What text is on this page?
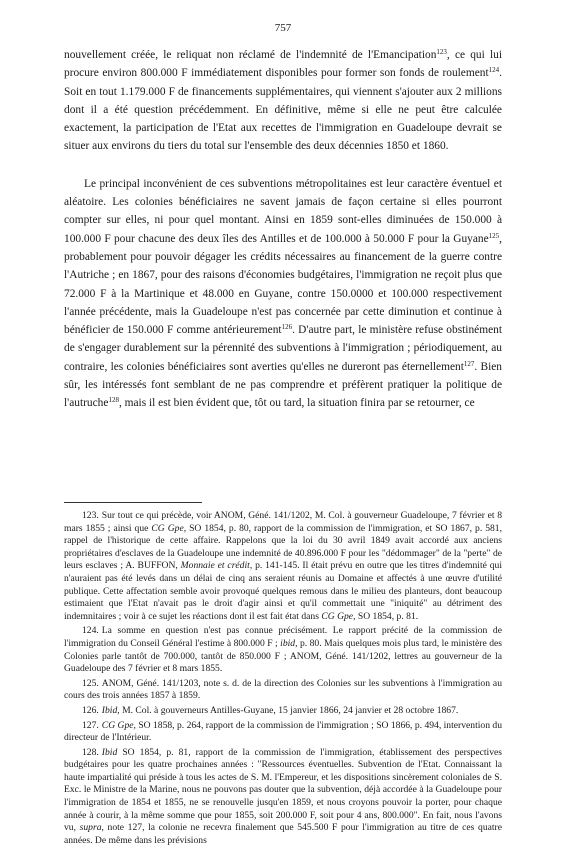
757

nouvellement créée, le reliquat non réclamé de l'indemnité de l'Emancipation$^{123}$, ce qui lui procure environ 800.000 F immédiatement disponibles pour former son fonds de roulement$^{124}$. Soit en tout 1.179.000 F de financements supplémentaires, qui viennent s'ajouter aux 2 millions dont il a été question précédemment. En définitive, même si elle ne peut être calculée exactement, la participation de l'Etat aux recettes de l'immigration en Guadeloupe devrait se situer aux environs du tiers du total sur l'ensemble des deux décennies 1850 et 1860.

Le principal inconvénient de ces subventions métropolitaines est leur caractère éventuel et aléatoire. Les colonies bénéficiaires ne savent jamais de façon certaine si elles pourront compter sur elles, ni pour quel montant. Ainsi en 1859 sont-elles diminuées de 150.000 à 100.000 F pour chacune des deux îles des Antilles et de 100.000 à 50.000 F pour la Guyane$^{125}$, probablement pour pouvoir dégager les crédits nécessaires au financement de la guerre contre l'Autriche ; en 1867, pour des raisons d'économies budgétaires, l'immigration ne reçoit plus que 72.000 F à la Martinique et 48.000 en Guyane, contre 150.0000 et 100.000 respectivement l'année précédente, mais la Guadeloupe n'est pas concernée par cette diminution et continue à bénéficier de 150.000 F comme antérieurement$^{126}$. D'autre part, le ministère refuse obstinément de s'engager durablement sur la pérennité des subventions à l'immigration ; périodiquement, au contraire, les colonies bénéficiaires sont averties qu'elles ne dureront pas éternellement$^{127}$. Bien sûr, les intéressés font semblant de ne pas comprendre et préfèrent pratiquer la politique de l'autruche$^{128}$, mais il est bien évident que, tôt ou tard, la situation finira par se retourner, ce

123. Sur tout ce qui précède, voir ANOM, Géné. 141/1202, M. Col. à gouverneur Guadeloupe, 7 février et 8 mars 1855 ; ainsi que CG Gpe, SO 1854, p. 80, rapport de la commission de l'immigration, et SO 1867, p. 581, rappel de l'historique de cette affaire. Rappelons que la loi du 30 avril 1849 avait accordé aux anciens propriétaires d'esclaves de la Guadeloupe une indemnité de 40.896.000 F pour les "dédommager" de la "perte" de leurs esclaves ; A. BUFFON, Monnaie et crédit, p. 141-145. Il était prévu en outre que les titres d'indemnité qui n'auraient pas été levés dans un délai de cinq ans seraient réunis au Domaine et affectés à une œuvre d'utilité publique. Cette affectation semble avoir provoqué quelques remous dans le milieu des planteurs, dont beaucoup estimaient que l'Etat n'avait pas le droit d'agir ainsi et qu'il commettait une "iniquité" au détriment des indemnitaires ; voir à ce sujet les réactions dont il est fait état dans CG Gpe, SO 1854, p. 81.

124. La somme en question n'est pas connue précisément. Le rapport précité de la commission de l'immigration du Conseil Général l'estime à 800.000 F ; ibid, p. 80. Mais quelques mois plus tard, le ministère des Colonies parle tantôt de 700.000, tantôt de 850.000 F ; ANOM, Géné. 141/1202, lettres au gouverneur de la Guadeloupe des 7 février et 8 mars 1855.

125. ANOM, Géné. 141/1203, note s. d. de la direction des Colonies sur les subventions à l'immigration au cours des trois années 1857 à 1859.

126. Ibid, M. Col. à gouverneurs Antilles-Guyane, 15 janvier 1866, 24 janvier et 28 octobre 1867.

127. CG Gpe, SO 1858, p. 264, rapport de la commission de l'immigration ; SO 1866, p. 494, intervention du directeur de l'Intérieur.

128. Ibid SO 1854, p. 81, rapport de la commission de l'immigration, établissement des perspectives budgétaires pour les quatre prochaines années : "Ressources éventuelles. Subvention de l'Etat. Connaissant la haute impartialité qui préside à tous les actes de S. M. l'Empereur, et les dispositions sincèrement coloniales de S. Exc. le Ministre de la Marine, nous ne pouvons pas douter que la subvention, déjà accordée à la Guadeloupe pour l'immigration de 1854 et 1855, ne se renouvelle jusqu'en 1859, et nous croyons pouvoir la porter, pour chaque année à courir, à la même somme que pour 1855, soit 200.000 F, soit pour 4 ans, 800.000". En fait, nous l'avons vu, supra, note 127, la colonie ne recevra finalement que 545.500 F pour l'immigration au titre de ces quatre années. De même dans les prévisions
